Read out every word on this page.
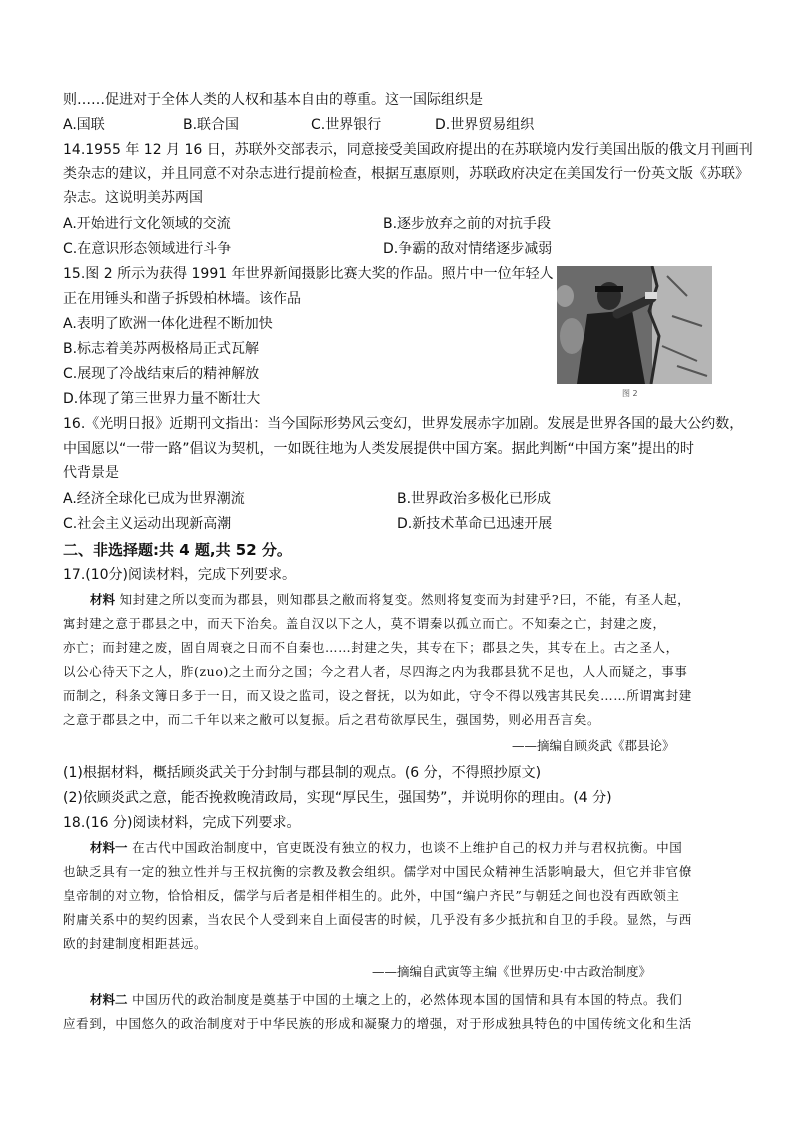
则……促进对于全体人类的人权和基本自由的尊重。这一国际组织是
A.国联	B.联合国	C.世界银行	D.世界贸易组织
14.1955 年 12 月 16 日，苏联外交部表示，同意接受美国政府提出的在苏联境内发行美国出版的俄文月刊画刊
类杂志的建议，并且同意不对杂志进行提前检查，根据互惠原则，苏联政府决定在美国发行一份英文版《苏联》
杂志。这说明美苏两国
A.开始进行文化领域的交流	B.逐步放弃之前的对抗手段
C.在意识形态领域进行斗争	D.争霸的敌对情绪逐步减弱
15.图 2 所示为获得 1991 年世界新闻摄影比赛大奖的作品。照片中一位年轻人
正在用锤头和凿子拆毁柏林墙。该作品
A.表明了欧洲一体化进程不断加快
B.标志着美苏两极格局正式瓦解
C.展现了冷战结束后的精神解放
D.体现了第三世界力量不断壮大	图 2
16.《光明日报》近期刊文指出：当今国际形势风云变幻，世界发展赤字加剧。发展是世界各国的最大公约数，
中国愿以“一带一路”倡议为契机，一如既往地为人类发展提供中国方案。据此判断“中国方案”提出的时
代背景是
A.经济全球化已成为世界潮流	B.世界政治多极化已形成
C.社会主义运动出现新高潮	D.新技术革命已迅速开展
二、非选择题:共 4 题,共 52 分。
17.(10分)阅读材料，完成下列要求。
材料 知封建之所以变而为郡县，则知郡县之敝而将复变。然则将复变而为封建乎?曰，不能，有圣人起，
寓封建之意于郡县之中，而天下治矣。盖自汉以下之人，莫不谓秦以孤立而亡。不知秦之亡，封建之废，
亦亡；而封建之废，固自周衰之日而不自秦也……封建之失，其专在下；郡县之失，其专在上。古之圣人，
以公心待天下之人，胙(zuo)之土而分之国；今之君人者，尽四海之内为我郡县犹不足也，人人而疑之，事事
而制之，科条文簿日多于一日，而又设之监司，设之督抚，以为如此，守令不得以残害其民矣……所谓寓封建
之意于郡县之中，而二千年以来之敝可以复振。后之君苟欲厚民生，强国势，则必用吾言矣。
——摘编自顾炎武《郡县论》
(1)根据材料，概括顾炎武关于分封制与郡县制的观点。(6 分，不得照抄原文)
(2)依顾炎武之意，能否挽救晚清政局，实现“厚民生，强国势”，并说明你的理由。(4 分)
18.(16 分)阅读材料，完成下列要求。
材料一 在古代中国政治制度中，官吏既没有独立的权力，也谈不上维护自己的权力并与君权抗衡。中国
也缺乏具有一定的独立性并与王权抗衡的宗教及教会组织。儒学对中国民众精神生活影响最大，但它并非官僚
皇帝制的对立物，恰恰相反，儒学与后者是相伴相生的。此外，中国“编户齐民”与朝廷之间也没有西欧领主
附庸关系中的契约因素，当农民个人受到来自上面侵害的时候，几乎没有多少抵抗和自卫的手段。显然，与西
欧的封建制度相距甚远。
——摘编自武寅等主编《世界历史·中古政治制度》
材料二 中国历代的政治制度是奠基于中国的土壤之上的，必然体现本国的国情和具有本国的特点。我们
应看到，中国悠久的政治制度对于中华民族的形成和凝聚力的增强，对于形成独具特色的中国传统文化和生活
